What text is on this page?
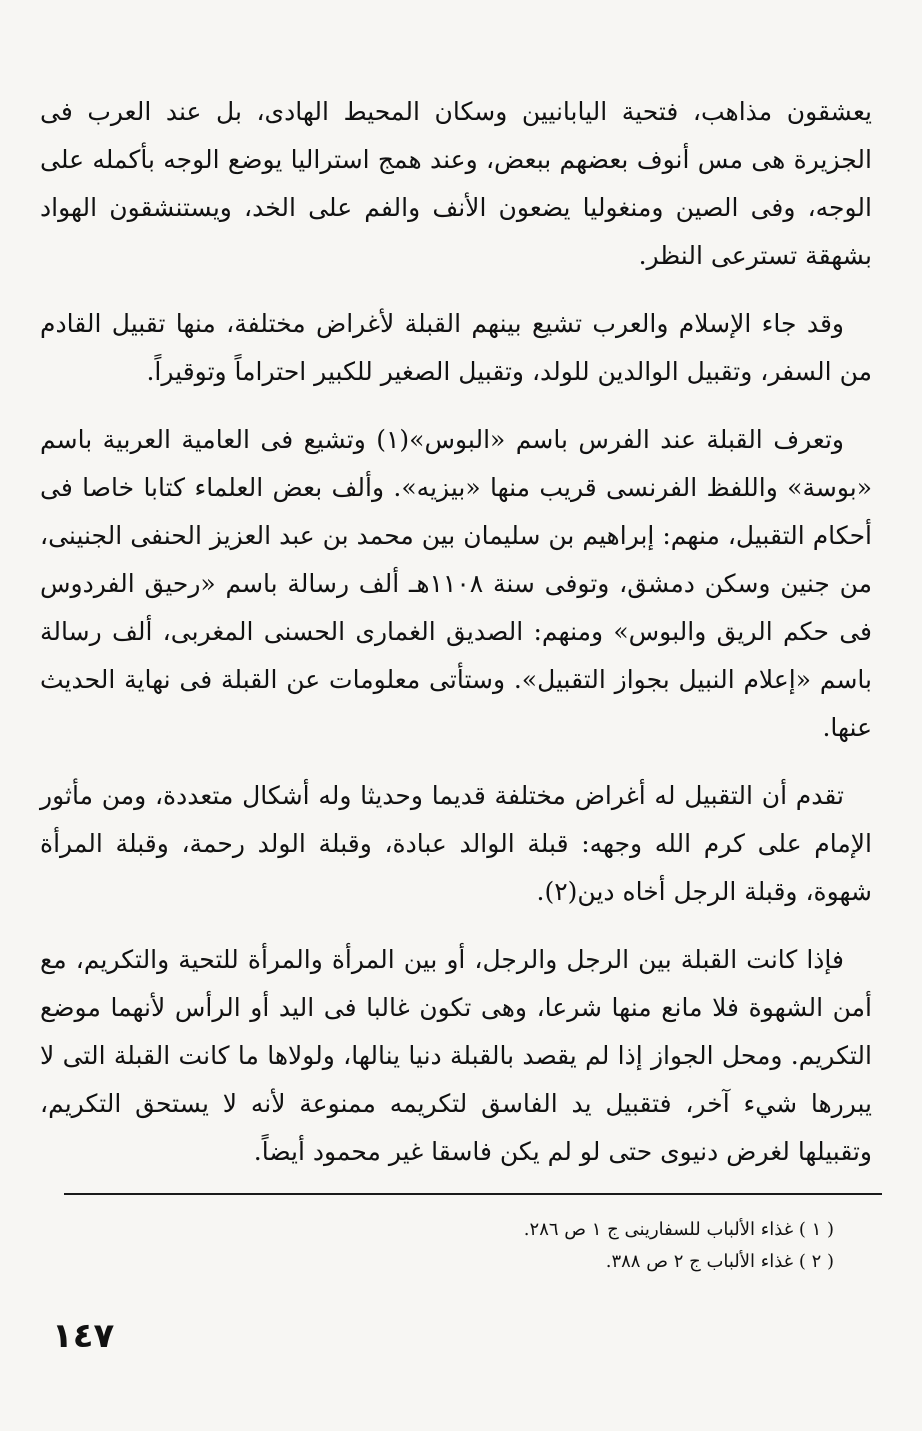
يعشقون مذاهب، فتحية اليابانيين وسكان المحيط الهادى، بل عند العرب فى الجزيرة هى مس أنوف بعضهم ببعض، وعند همج استراليا يوضع الوجه بأكمله على الوجه، وفى الصين ومنغوليا يضعون الأنف والفم على الخد، ويستنشقون الهواد بشهقة تسترعى النظر.

وقد جاء الإسلام والعرب تشيع بينهم القبلة لأغراض مختلفة، منها تقبيل القادم من السفر، وتقبيل الوالدين للولد، وتقبيل الصغير للكبير احتراماً وتوقيراً.

وتعرف القبلة عند الفرس باسم «البوس»(١) وتشيع فى العامية العربية باسم «بوسة» واللفظ الفرنسى قريب منها «بيزيه». وألف بعض العلماء كتابا خاصا فى أحكام التقبيل، منهم: إبراهيم بن سليمان بين محمد بن عبد العزيز الحنفى الجنينى، من جنين وسكن دمشق، وتوفى سنة ١١٠٨هـ ألف رسالة باسم «رحيق الفردوس فى حكم الريق والبوس» ومنهم: الصديق الغمارى الحسنى المغربى، ألف رسالة باسم «إعلام النبيل بجواز التقبيل». وستأتى معلومات عن القبلة فى نهاية الحديث عنها.

تقدم أن التقبيل له أغراض مختلفة قديما وحديثا وله أشكال متعددة، ومن مأثور الإمام على كرم الله وجهه: قبلة الوالد عبادة، وقبلة الولد رحمة، وقبلة المرأة شهوة، وقبلة الرجل أخاه دين(٢).

فإذا كانت القبلة بين الرجل والرجل، أو بين المرأة والمرأة للتحية والتكريم، مع أمن الشهوة فلا مانع منها شرعا، وهى تكون غالبا فى اليد أو الرأس لأنهما موضع التكريم. ومحل الجواز إذا لم يقصد بالقبلة دنيا ينالها، ولولاها ما كانت القبلة التى لا يبررها شيء آخر، فتقبيل يد الفاسق لتكريمه ممنوعة لأنه لا يستحق التكريم، وتقبيلها لغرض دنيوى حتى لو لم يكن فاسقا غير محمود أيضاً.

( ١ ) غذاء الألباب للسفارينى ج ١ ص ٢٨٦.
( ٢ ) غذاء الألباب ج ٢ ص ٣٨٨.
١٤٧
